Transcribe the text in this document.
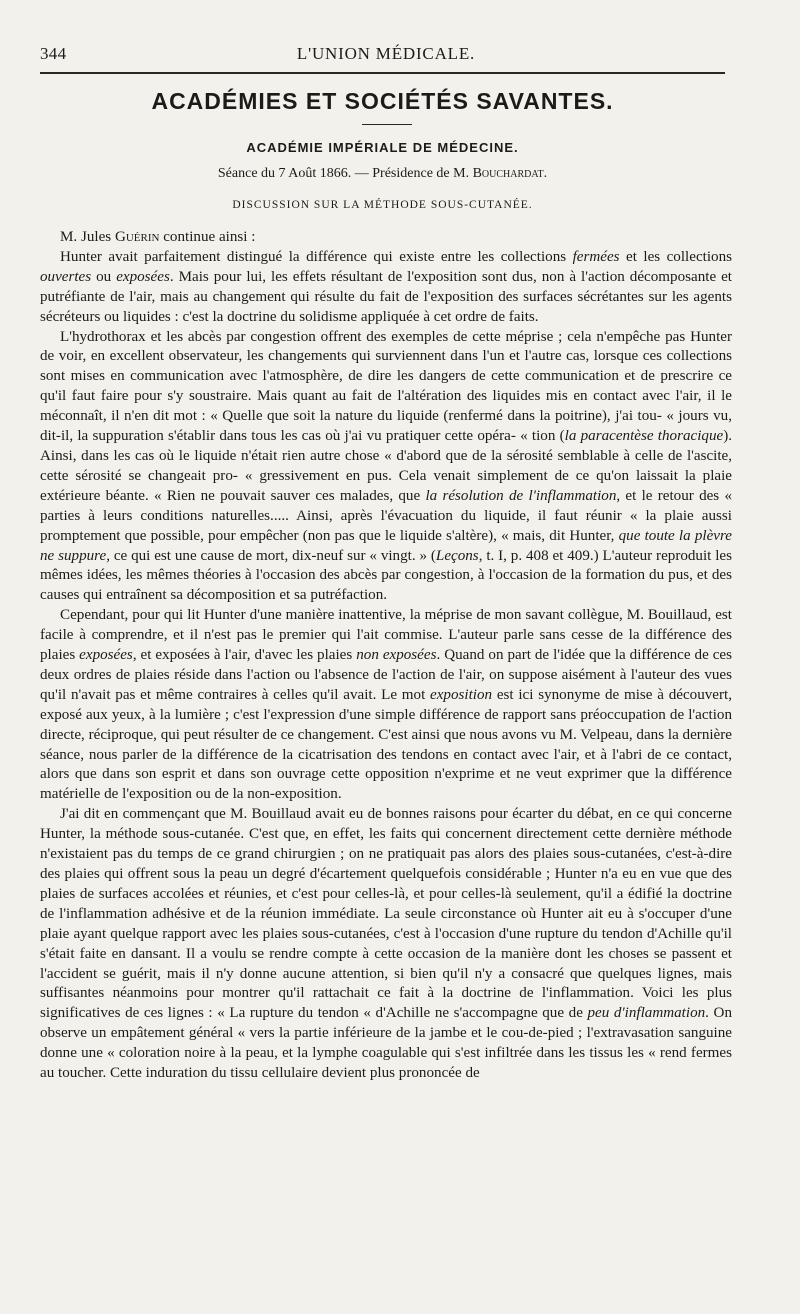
344	L'UNION MÉDICALE.
ACADÉMIES ET SOCIÉTÉS SAVANTES.
ACADÉMIE IMPÉRIALE DE MÉDECINE.
Séance du 7 Août 1866. — Présidence de M. Bouchardat.
DISCUSSION SUR LA MÉTHODE SOUS-CUTANÉE.

M. Jules Guérin continue ainsi :

Hunter avait parfaitement distingué la différence qui existe entre les collections fermées et les collections ouvertes ou exposées. Mais pour lui, les effets résultant de l'exposition sont dus, non à l'action décomposante et putréfiante de l'air, mais au changement qui résulte du fait de l'exposition des surfaces sécrétantes sur les agents sécréteurs ou liquides : c'est la doctrine du solidisme appliquée à cet ordre de faits.

L'hydrothorax et les abcès par congestion offrent des exemples de cette méprise ; cela n'empêche pas Hunter de voir, en excellent observateur, les changements qui surviennent dans l'un et l'autre cas, lorsque ces collections sont mises en communication avec l'atmosphère, de dire les dangers de cette communication et de prescrire ce qu'il faut faire pour s'y soustraire. Mais quant au fait de l'altération des liquides mis en contact avec l'air, il le méconnaît, il n'en dit mot : « Quelle que soit la nature du liquide (renfermé dans la poitrine), j'ai tou- « jours vu, dit-il, la suppuration s'établir dans tous les cas où j'ai vu pratiquer cette opéra- « tion (la paracentèse thoracique). Ainsi, dans les cas où le liquide n'était rien autre chose « d'abord que de la sérosité semblable à celle de l'ascite, cette sérosité se changeait pro- « gressivement en pus. Cela venait simplement de ce qu'on laissait la plaie extérieure béante. « Rien ne pouvait sauver ces malades, que la résolution de l'inflammation, et le retour des « parties à leurs conditions naturelles..... Ainsi, après l'évacuation du liquide, il faut réunir « la plaie aussi promptement que possible, pour empêcher (non pas que le liquide s'altère), « mais, dit Hunter, que toute la plèvre ne suppure, ce qui est une cause de mort, dix-neuf sur « vingt. » (Leçons, t. I, p. 408 et 409.) L'auteur reproduit les mêmes idées, les mêmes théories à l'occasion des abcès par congestion, à l'occasion de la formation du pus, et des causes qui entraînent sa décomposition et sa putréfaction.

Cependant, pour qui lit Hunter d'une manière inattentive, la méprise de mon savant collègue, M. Bouillaud, est facile à comprendre, et il n'est pas le premier qui l'ait commise. L'auteur parle sans cesse de la différence des plaies exposées, et exposées à l'air, d'avec les plaies non exposées. Quand on part de l'idée que la différence de ces deux ordres de plaies réside dans l'action ou l'absence de l'action de l'air, on suppose aisément à l'auteur des vues qu'il n'avait pas et même contraires à celles qu'il avait. Le mot exposition est ici synonyme de mise à découvert, exposé aux yeux, à la lumière ; c'est l'expression d'une simple différence de rapport sans préoccupation de l'action directe, réciproque, qui peut résulter de ce changement. C'est ainsi que nous avons vu M. Velpeau, dans la dernière séance, nous parler de la différence de la cicatrisation des tendons en contact avec l'air, et à l'abri de ce contact, alors que dans son esprit et dans son ouvrage cette opposition n'exprime et ne veut exprimer que la différence matérielle de l'exposition ou de la non-exposition.

J'ai dit en commençant que M. Bouillaud avait eu de bonnes raisons pour écarter du débat, en ce qui concerne Hunter, la méthode sous-cutanée. C'est que, en effet, les faits qui concernent directement cette dernière méthode n'existaient pas du temps de ce grand chirurgien ; on ne pratiquait pas alors des plaies sous-cutanées, c'est-à-dire des plaies qui offrent sous la peau un degré d'écartement quelquefois considérable ; Hunter n'a eu en vue que des plaies de surfaces accolées et réunies, et c'est pour celles-là, et pour celles-là seulement, qu'il a édifié la doctrine de l'inflammation adhésive et de la réunion immédiate. La seule circonstance où Hunter ait eu à s'occuper d'une plaie ayant quelque rapport avec les plaies sous-cutanées, c'est à l'occasion d'une rupture du tendon d'Achille qu'il s'était faite en dansant. Il a voulu se rendre compte à cette occasion de la manière dont les choses se passent et l'accident se guérit, mais il n'y donne aucune attention, si bien qu'il n'y a consacré que quelques lignes, mais suffisantes néanmoins pour montrer qu'il rattachait ce fait à la doctrine de l'inflammation. Voici les plus significatives de ces lignes : « La rupture du tendon « d'Achille ne s'accompagne que de peu d'inflammation. On observe un empâtement général « vers la partie inférieure de la jambe et le cou-de-pied ; l'extravasation sanguine donne une « coloration noire à la peau, et la lymphe coagulable qui s'est infiltrée dans les tissus les « rend fermes au toucher. Cette induration du tissu cellulaire devient plus prononcée de
